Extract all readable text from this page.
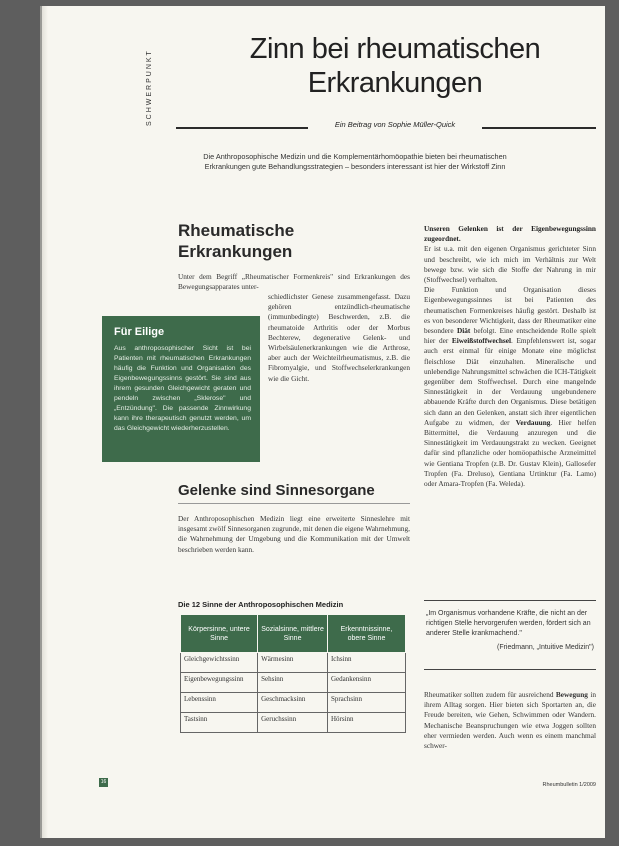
SCHWERPUNKT
Zinn bei rheumatischen Erkrankungen
Ein Beitrag von Sophie Müller-Quick

Die Anthroposophische Medizin und die Komplementärhomöopathie bieten bei rheumatischen Erkrankungen gute Behandlungsstrategien – besonders interessant ist hier der Wirkstoff Zinn

Rheumatische Erkrankungen

Unter dem Begriff „Rheumatischer Formenkreis" sind Erkrankungen des Bewegungsapparates unter-

schiedlichster Genese zusammengefasst. Dazu gehören entzündlich-rheumatische (immunbedingte) Beschwerden, z.B. die rheumatoide Arthritis oder der Morbus Bechterew, degenerative Gelenk- und Wirbelsäulenerkrankungen wie die Arthrose, aber auch der Weichteilrheumatismus, z.B. die Fibromyalgie, und Stoffwechselerkrankungen wie die Gicht.

Für Eilige

Aus anthroposophischer Sicht ist bei Patienten mit rheumatischen Erkrankungen häufig die Funktion und Organisation des Eigenbewegungssinns gestört. Sie sind aus ihrem gesunden Gleichgewicht geraten und pendeln zwischen „Sklerose" und „Entzündung". Die passende Zinnwirkung kann ihre therapeutisch genutzt werden, um das Gleichgewicht wiederherzustellen.

Gelenke sind Sinnesorgane

Der Anthroposophischen Medizin liegt eine erweiterte Sinneslehre mit insgesamt zwölf Sinnesorganen zugrunde, mit denen die eigene Wahrnehmung, die Wahrnehmung der Umgebung und die Kommunikation mit der Umwelt beschrieben werden kann.

Die 12 Sinne der Anthroposophischen Medizin
Körpersinne, untere Sinne	Sozialsinne, mittlere Sinne	Erkenntnissinne, obere Sinne
Gleichgewichtssinn	Wärmesinn	Ichsinn
Eigenbewegungssinn	Sehsinn	Gedankensinn
Lebenssinn	Geschmacksinn	Sprachsinn
Tastsinn	Geruchssinn	Hörsinn

Unseren Gelenken ist der Eigenbewegungssinn zugeordnet.
Er ist u.a. mit den eigenen Organismus gerichteter Sinn und beschreibt, wie ich mich im Verhältnis zur Welt bewege bzw. wie sich die Stoffe der Nahrung in mir (Stoffwechsel) verhalten.

Die Funktion und Organisation dieses Eigenbewegungssinnes ist bei Patienten des rheumatischen Formenkreises häufig gestört. Deshalb ist es von besonderer Wichtigkeit, dass der Rheumatiker eine besondere Diät befolgt. Eine entscheidende Rolle spielt hier der Eiweißstoffwechsel. Empfehlenswert ist, sogar auch erst einmal für einige Monate eine möglichst fleischlose Diät einzuhalten. Mineralische und unlebendige Nahrungsmittel schwächen die ICH-Tätigkeit gegenüber dem Stoffwechsel. Durch eine mangelnde Sinnestätigkeit in der Verdauung ungebundenere abbauende Kräfte durch den Organismus. Diese betätigen sich dann an den Gelenken, anstatt sich ihrer eigentlichen Aufgabe zu widmen, der Verdauung. Hier helfen Bittermittel, die Verdauung anzuregen und die Sinnestätigkeit im Verdauungstrakt zu wecken. Geeignet dafür sind pflanzliche oder homöopathische Arzneimittel wie Gentiana Tropfen (z.B. Dr. Gustav Klein), Gallosefer Tropfen (Fa. Dreluso), Gentiana Urtinktur (Fa. Lamo) oder Amara-Tropfen (Fa. Weleda).

„Im Organismus vorhandene Kräfte, die nicht an der richtigen Stelle hervorgerufen werden, fördert sich an anderer Stelle krankmachend."

(Friedmann, „Intuitive Medizin")

Rheumatiker sollten zudem für ausreichend Bewegung in ihrem Alltag sorgen. Hier bieten sich Sportarten an, die Freude bereiten, wie Gehen, Schwimmen oder Wandern. Mechanische Beanspruchungen wie etwa Joggen sollten eher vermieden werden. Auch wenn es einem manchmal schwer-

16	Rheumbulletin 1/2009
